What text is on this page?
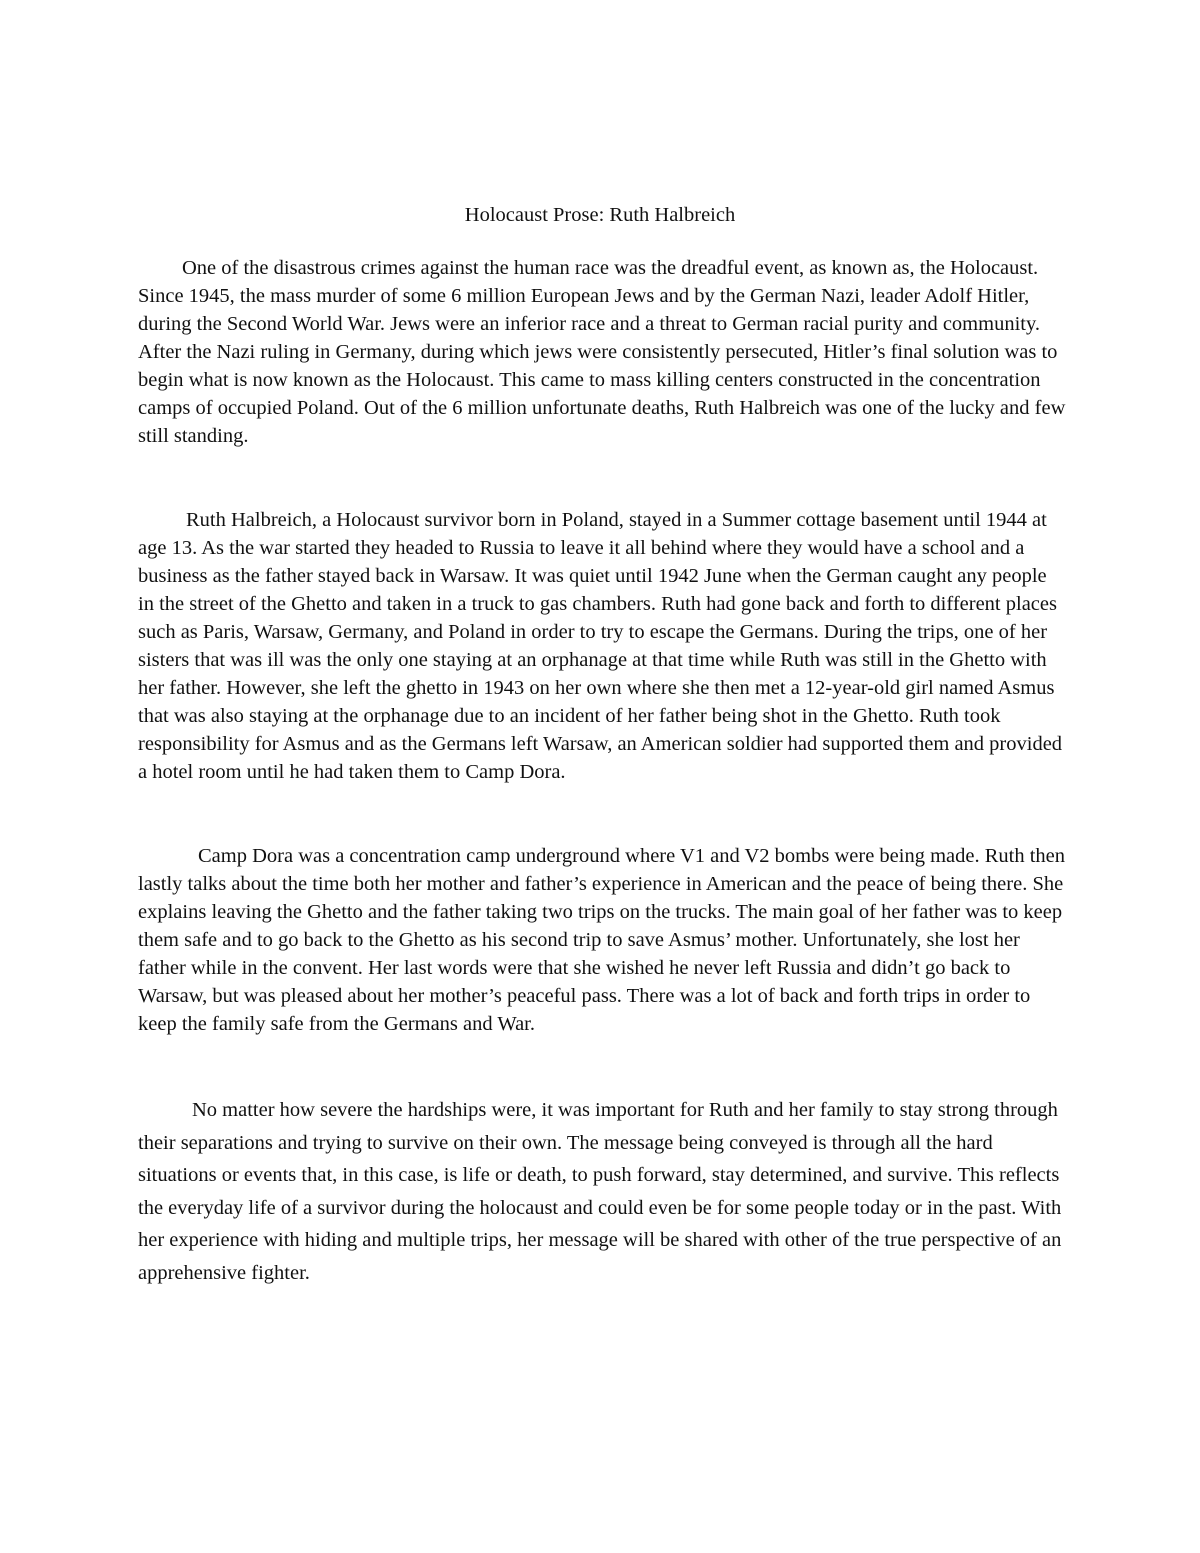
Holocaust Prose: Ruth Halbreich

One of the disastrous crimes against the human race was the dreadful event, as known as, the Holocaust. Since 1945, the mass murder of some 6 million European Jews and by the German Nazi, leader Adolf Hitler, during the Second World War. Jews were an inferior race and a threat to German racial purity and community. After the Nazi ruling in Germany, during which jews were consistently persecuted, Hitler’s final solution was to begin what is now known as the Holocaust. This came to mass killing centers constructed in the concentration camps of occupied Poland. Out of the 6 million unfortunate deaths, Ruth Halbreich was one of the lucky and few still standing.

Ruth Halbreich, a Holocaust survivor born in Poland, stayed in a Summer cottage basement until 1944 at age 13. As the war started they headed to Russia to leave it all behind where they would have a school and a business as the father stayed back in Warsaw. It was quiet until 1942 June when the German caught any people in the street of the Ghetto and taken in a truck to gas chambers. Ruth had gone back and forth to different places such as Paris, Warsaw, Germany, and Poland in order to try to escape the Germans. During the trips, one of her sisters that was ill was the only one staying at an orphanage at that time while Ruth was still in the Ghetto with her father. However, she left the ghetto in 1943 on her own where she then met a 12-year-old girl named Asmus that was also staying at the orphanage due to an incident of her father being shot in the Ghetto. Ruth took responsibility for Asmus and as the Germans left Warsaw, an American soldier had supported them and provided a hotel room until he had taken them to Camp Dora.

Camp Dora was a concentration camp underground where V1 and V2 bombs were being made. Ruth then lastly talks about the time both her mother and father’s experience in American and the peace of being there. She explains leaving the Ghetto and the father taking two trips on the trucks. The main goal of her father was to keep them safe and to go back to the Ghetto as his second trip to save Asmus’ mother. Unfortunately, she lost her father while in the convent. Her last words were that she wished he never left Russia and didn’t go back to Warsaw, but was pleased about her mother’s peaceful pass. There was a lot of back and forth trips in order to keep the family safe from the Germans and War.

No matter how severe the hardships were, it was important for Ruth and her family to stay strong through their separations and trying to survive on their own. The message being conveyed is through all the hard situations or events that, in this case, is life or death, to push forward, stay determined, and survive. This reflects the everyday life of a survivor during the holocaust and could even be for some people today or in the past. With her experience with hiding and multiple trips, her message will be shared with other of the true perspective of an apprehensive fighter.
